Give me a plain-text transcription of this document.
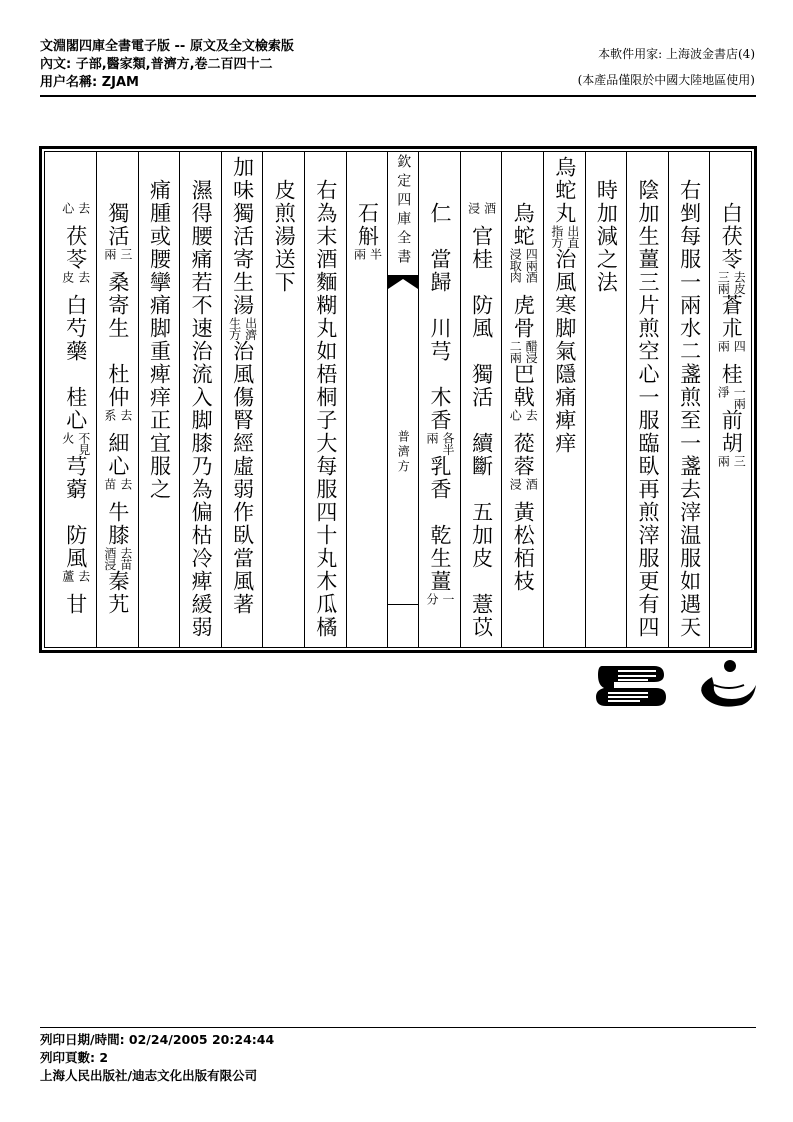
文淵閣四庫全書電子版 -- 原文及全文檢索版
內文: 子部,醫家類,普濟方,卷二百四十二
用户名稱: ZJAM
本軟件用家: 上海波金書店(4)
(本產品僅限於中國大陸地區使用)
　　白茯苓
去皮
三兩
蒼朮
四
兩
桂
一兩
淨
前胡
三
兩
　右剉每服一兩水二盞煎至一盞去滓温服如遇天
　陰加生薑三片煎空心一服臨臥再煎滓服更有四
　時加減之法
烏蛇丸
出直
指方
治風寒脚氣隱痛痺痒
　　烏蛇
四兩酒
浸取肉
虎骨
醋浸
二兩
巴戟
去
心
蓯蓉
酒
浸
黃松栢枝

酒
浸
官桂　防風　獨活　續斷　五加皮　薏苡
　　仁　當歸　川芎　木香
各半
兩
乳香　乾生薑
一
分
欽定四庫全書
普濟方
　　石斛
半
兩
　右為末酒麵糊丸如梧桐子大每服四十丸木瓜橘
　皮煎湯送下
加味獨活寄生湯
出濟
生方
治風傷腎經虛弱作臥當風著
　濕得腰痛若不速治流入脚膝乃為偏枯冷痺緩弱
　痛腫或腰攣痛脚重痺痒正宜服之
　　獨活
三
兩
桑寄生　杜仲
去
系
細心
去
苗
牛膝
去苗
酒浸
秦艽

去
心
茯苓
去
皮
白芍藥　桂心
不見
火
芎藭　防風
去
蘆
甘
列印日期/時間: 02/24/2005 20:24:44
列印頁數: 2
上海人民出版社/迪志文化出版有限公司
